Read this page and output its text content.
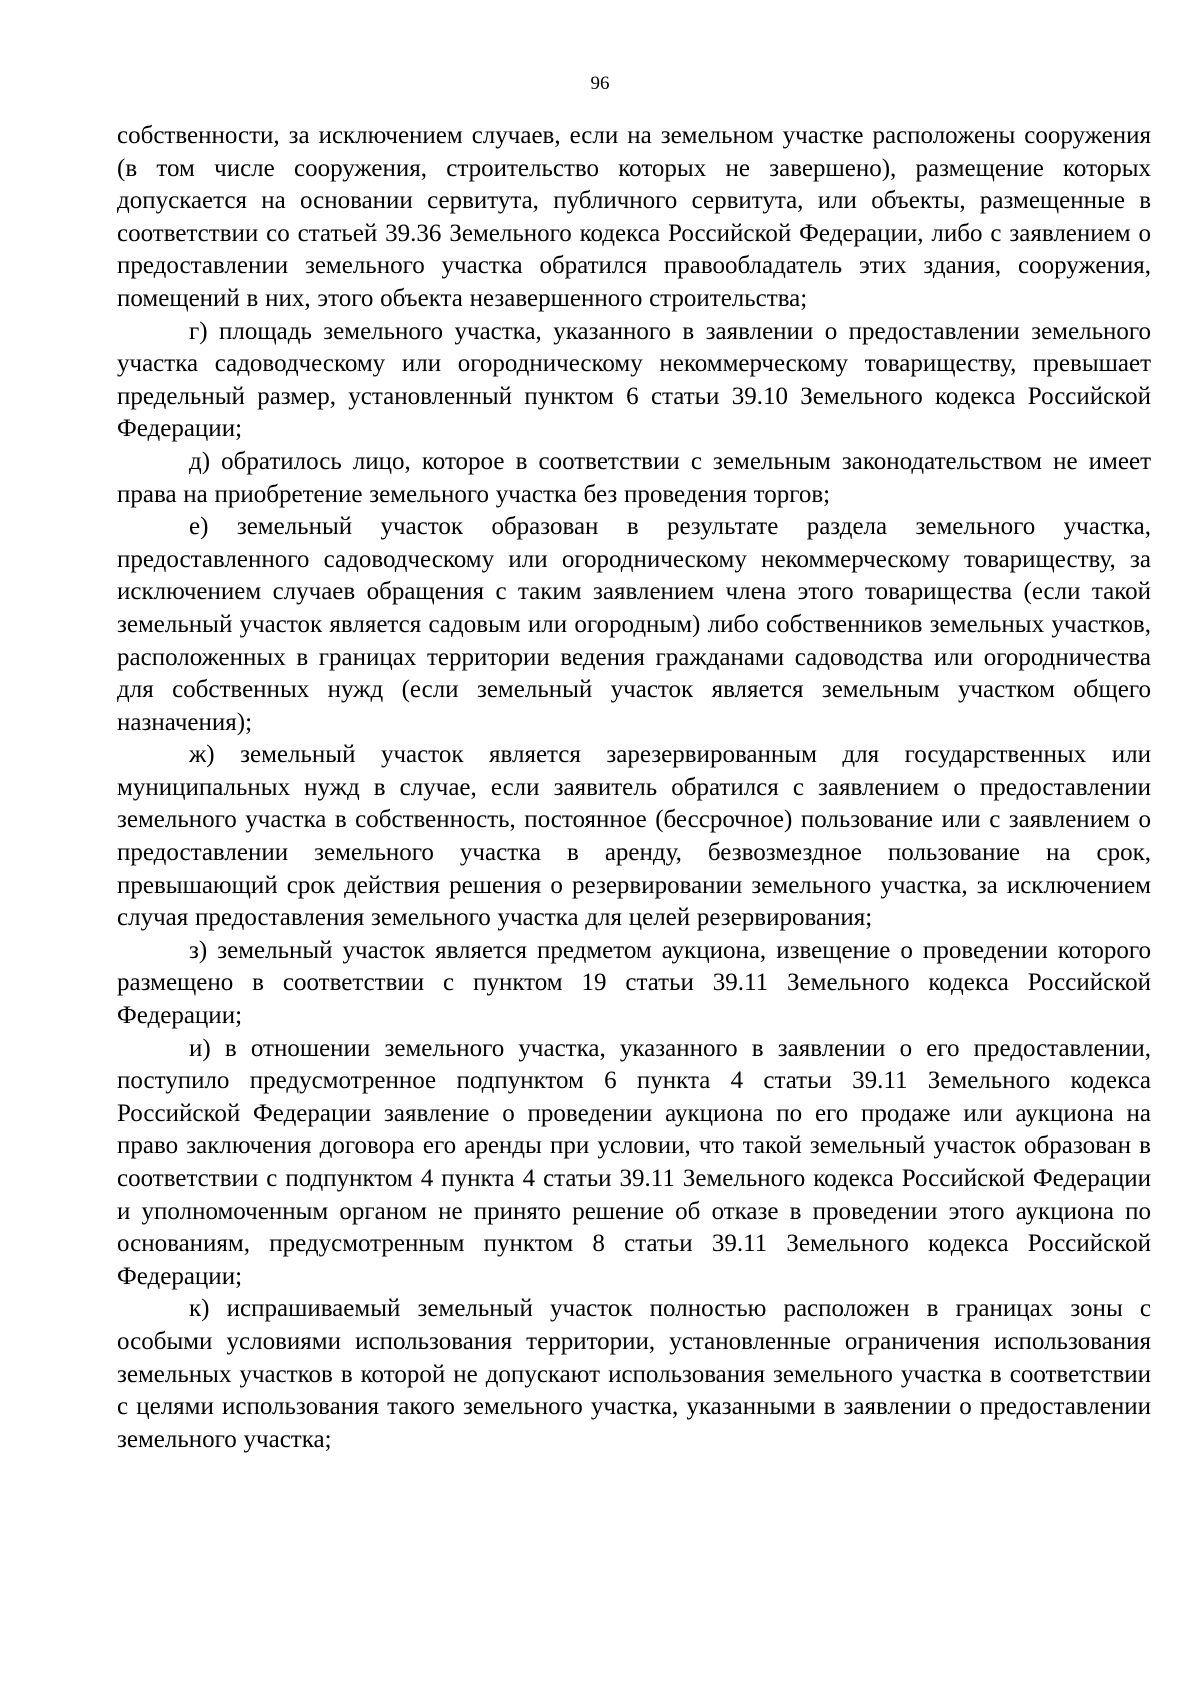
96

собственности, за исключением случаев, если на земельном участке расположены сооружения (в том числе сооружения, строительство которых не завершено), размещение которых допускается на основании сервитута, публичного сервитута, или объекты, размещенные в соответствии со статьей 39.36 Земельного кодекса Российской Федерации, либо с заявлением о предоставлении земельного участка обратился правообладатель этих здания, сооружения, помещений в них, этого объекта незавершенного строительства;

г) площадь земельного участка, указанного в заявлении о предоставлении земельного участка садоводческому или огородническому некоммерческому товариществу, превышает предельный размер, установленный пунктом 6 статьи 39.10 Земельного кодекса Российской Федерации;

д) обратилось лицо, которое в соответствии с земельным законодательством не имеет права на приобретение земельного участка без проведения торгов;

е) земельный участок образован в результате раздела земельного участка, предоставленного садоводческому или огородническому некоммерческому товариществу, за исключением случаев обращения с таким заявлением члена этого товарищества (если такой земельный участок является садовым или огородным) либо собственников земельных участков, расположенных в границах территории ведения гражданами садоводства или огородничества для собственных нужд (если земельный участок является земельным участком общего назначения);

ж) земельный участок является зарезервированным для государственных или муниципальных нужд в случае, если заявитель обратился с заявлением о предоставлении земельного участка в собственность, постоянное (бессрочное) пользование или с заявлением о предоставлении земельного участка в аренду, безвозмездное пользование на срок, превышающий срок действия решения о резервировании земельного участка, за исключением случая предоставления земельного участка для целей резервирования;

з) земельный участок является предметом аукциона, извещение о проведении которого размещено в соответствии с пунктом 19 статьи 39.11 Земельного кодекса Российской Федерации;

и) в отношении земельного участка, указанного в заявлении о его предоставлении, поступило предусмотренное подпунктом 6 пункта 4 статьи 39.11 Земельного кодекса Российской Федерации заявление о проведении аукциона по его продаже или аукциона на право заключения договора его аренды при условии, что такой земельный участок образован в соответствии с подпунктом 4 пункта 4 статьи 39.11 Земельного кодекса Российской Федерации и уполномоченным органом не принято решение об отказе в проведении этого аукциона по основаниям, предусмотренным пунктом 8 статьи 39.11 Земельного кодекса Российской Федерации;

к) испрашиваемый земельный участок полностью расположен в границах зоны с особыми условиями использования территории, установленные ограничения использования земельных участков в которой не допускают использования земельного участка в соответствии с целями использования такого земельного участка, указанными в заявлении о предоставлении земельного участка;
